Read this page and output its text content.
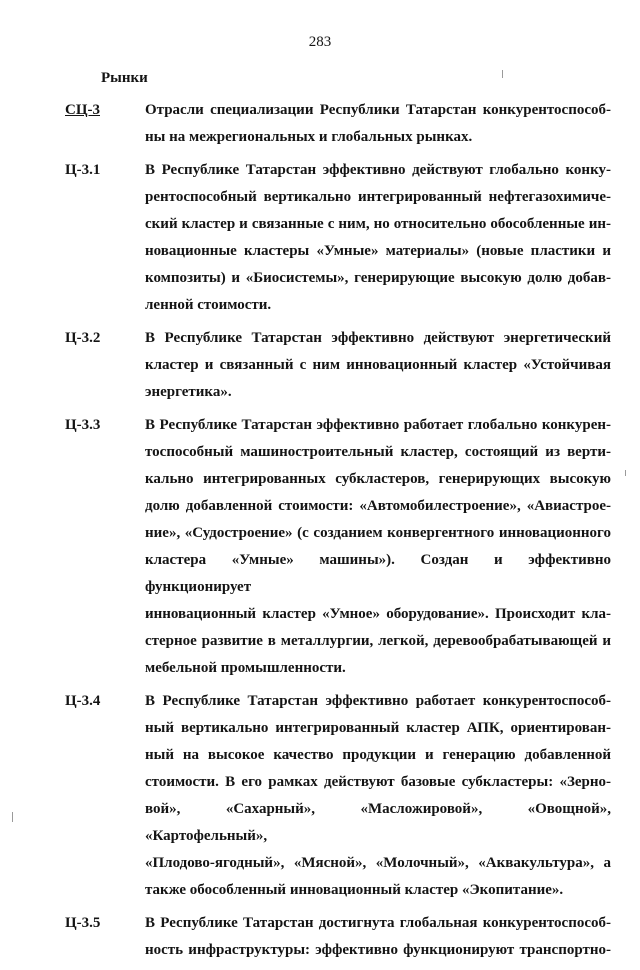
283
Рынки
СЦ-3	Отрасли специализации Республики Татарстан конкурентоспособ-
ны на межрегиональных и глобальных рынках.
Ц-3.1	В Республике Татарстан эффективно действуют глобально конку-
рентоспособный вертикально интегрированный нефтегазохимиче-
ский кластер и связанные с ним, но относительно обособленные ин-
новационные кластеры «Умные» материалы» (новые пластики и
композиты) и «Биосистемы», генерирующие высокую долю добав-
ленной стоимости.
Ц-3.2	В Республике Татарстан эффективно действуют энергетический
кластер и связанный с ним инновационный кластер «Устойчивая
энергетика».
Ц-3.3	В Республике Татарстан эффективно работает глобально конкурен-
тоспособный машиностроительный кластер, состоящий из верти-
кально интегрированных субкластеров, генерирующих высокую
долю добавленной стоимости: «Автомобилестроение», «Авиастрое-
ние», «Судостроение» (с созданием конвергентного инновационного
кластера «Умные» машины»). Создан и эффективно функционирует
инновационный кластер «Умное» оборудование». Происходит кла-
стерное развитие в металлургии, легкой, деревообрабатывающей и
мебельной промышленности.
Ц-3.4	В Республике Татарстан эффективно работает конкурентоспособ-
ный вертикально интегрированный кластер АПК, ориентирован-
ный на высокое качество продукции и генерацию добавленной
стоимости. В его рамках действуют базовые субкластеры: «Зерно-
вой», «Сахарный», «Масложировой», «Овощной», «Картофельный»,
«Плодово-ягодный», «Мясной», «Молочный», «Аквакультура», а
также обособленный инновационный кластер «Экопитание».
Ц-3.5	В Республике Татарстан достигнута глобальная конкурентоспособ-
ность инфраструктуры: эффективно функционируют транспортно-
